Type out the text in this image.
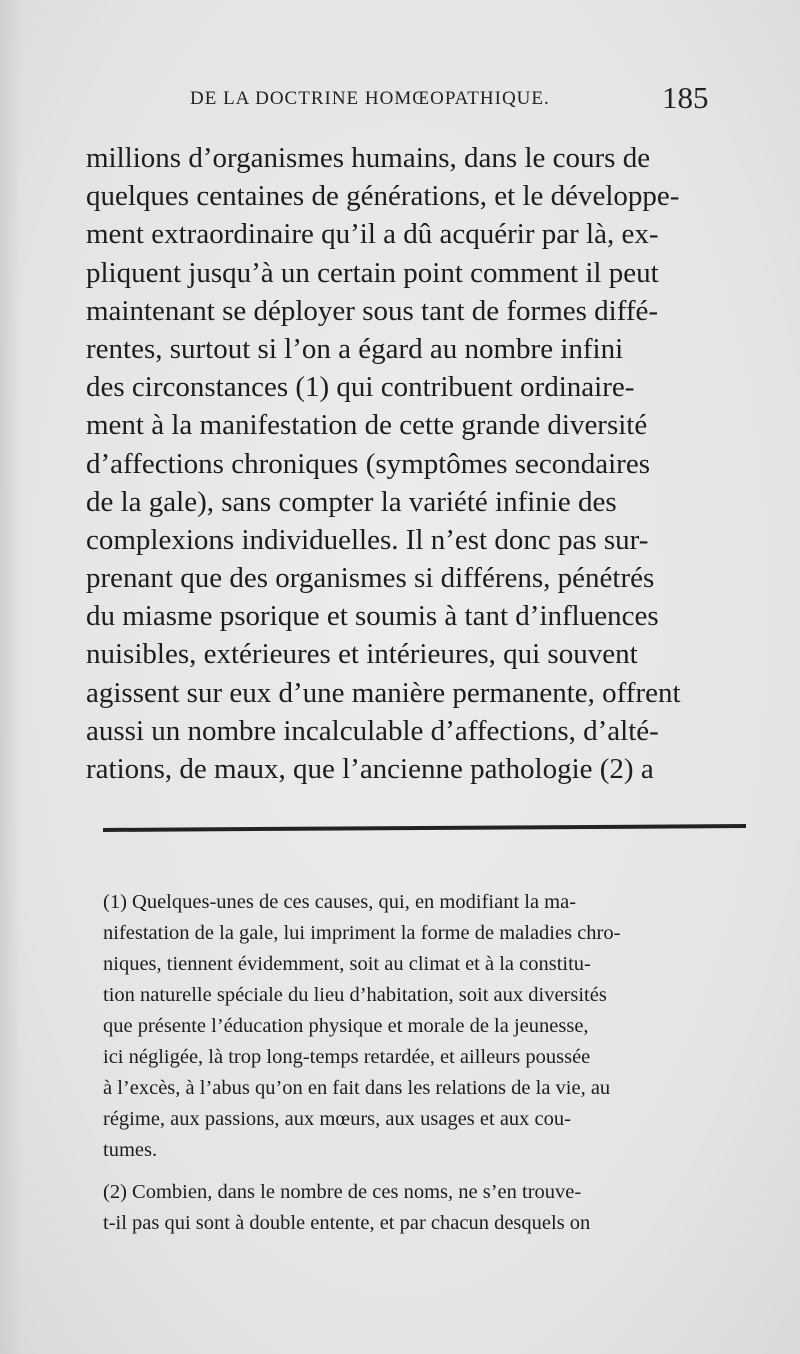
DE LA DOCTRINE HOMŒOPATHIQUE.	185
millions d’organismes humains, dans le cours de
quelques centaines de générations, et le développe-
ment extraordinaire qu’il a dû acquérir par là, ex-
pliquent jusqu’à un certain point comment il peut
maintenant se déployer sous tant de formes diffé-
rentes, surtout si l’on a égard au nombre infini
des circonstances (1) qui contribuent ordinaire-
ment à la manifestation de cette grande diversité
d’affections chroniques (symptômes secondaires
de la gale), sans compter la variété infinie des
complexions individuelles. Il n’est donc pas sur-
prenant que des organismes si différens, pénétrés
du miasme psorique et soumis à tant d’influences
nuisibles, extérieures et intérieures, qui souvent
agissent sur eux d’une manière permanente, offrent
aussi un nombre incalculable d’affections, d’alté-
rations, de maux, que l’ancienne pathologie (2) a
(1) Quelques-unes de ces causes, qui, en modifiant la ma-
nifestation de la gale, lui impriment la forme de maladies chro-
niques, tiennent évidemment, soit au climat et à la constitu-
tion naturelle spéciale du lieu d’habitation, soit aux diversités
que présente l’éducation physique et morale de la jeunesse,
ici négligée, là trop long-temps retardée, et ailleurs poussée
à l’excès, à l’abus qu’on en fait dans les relations de la vie, au
régime, aux passions, aux mœurs, aux usages et aux cou-
tumes.
(2) Combien, dans le nombre de ces noms, ne s’en trouve-
t-il pas qui sont à double entente, et par chacun desquels on
